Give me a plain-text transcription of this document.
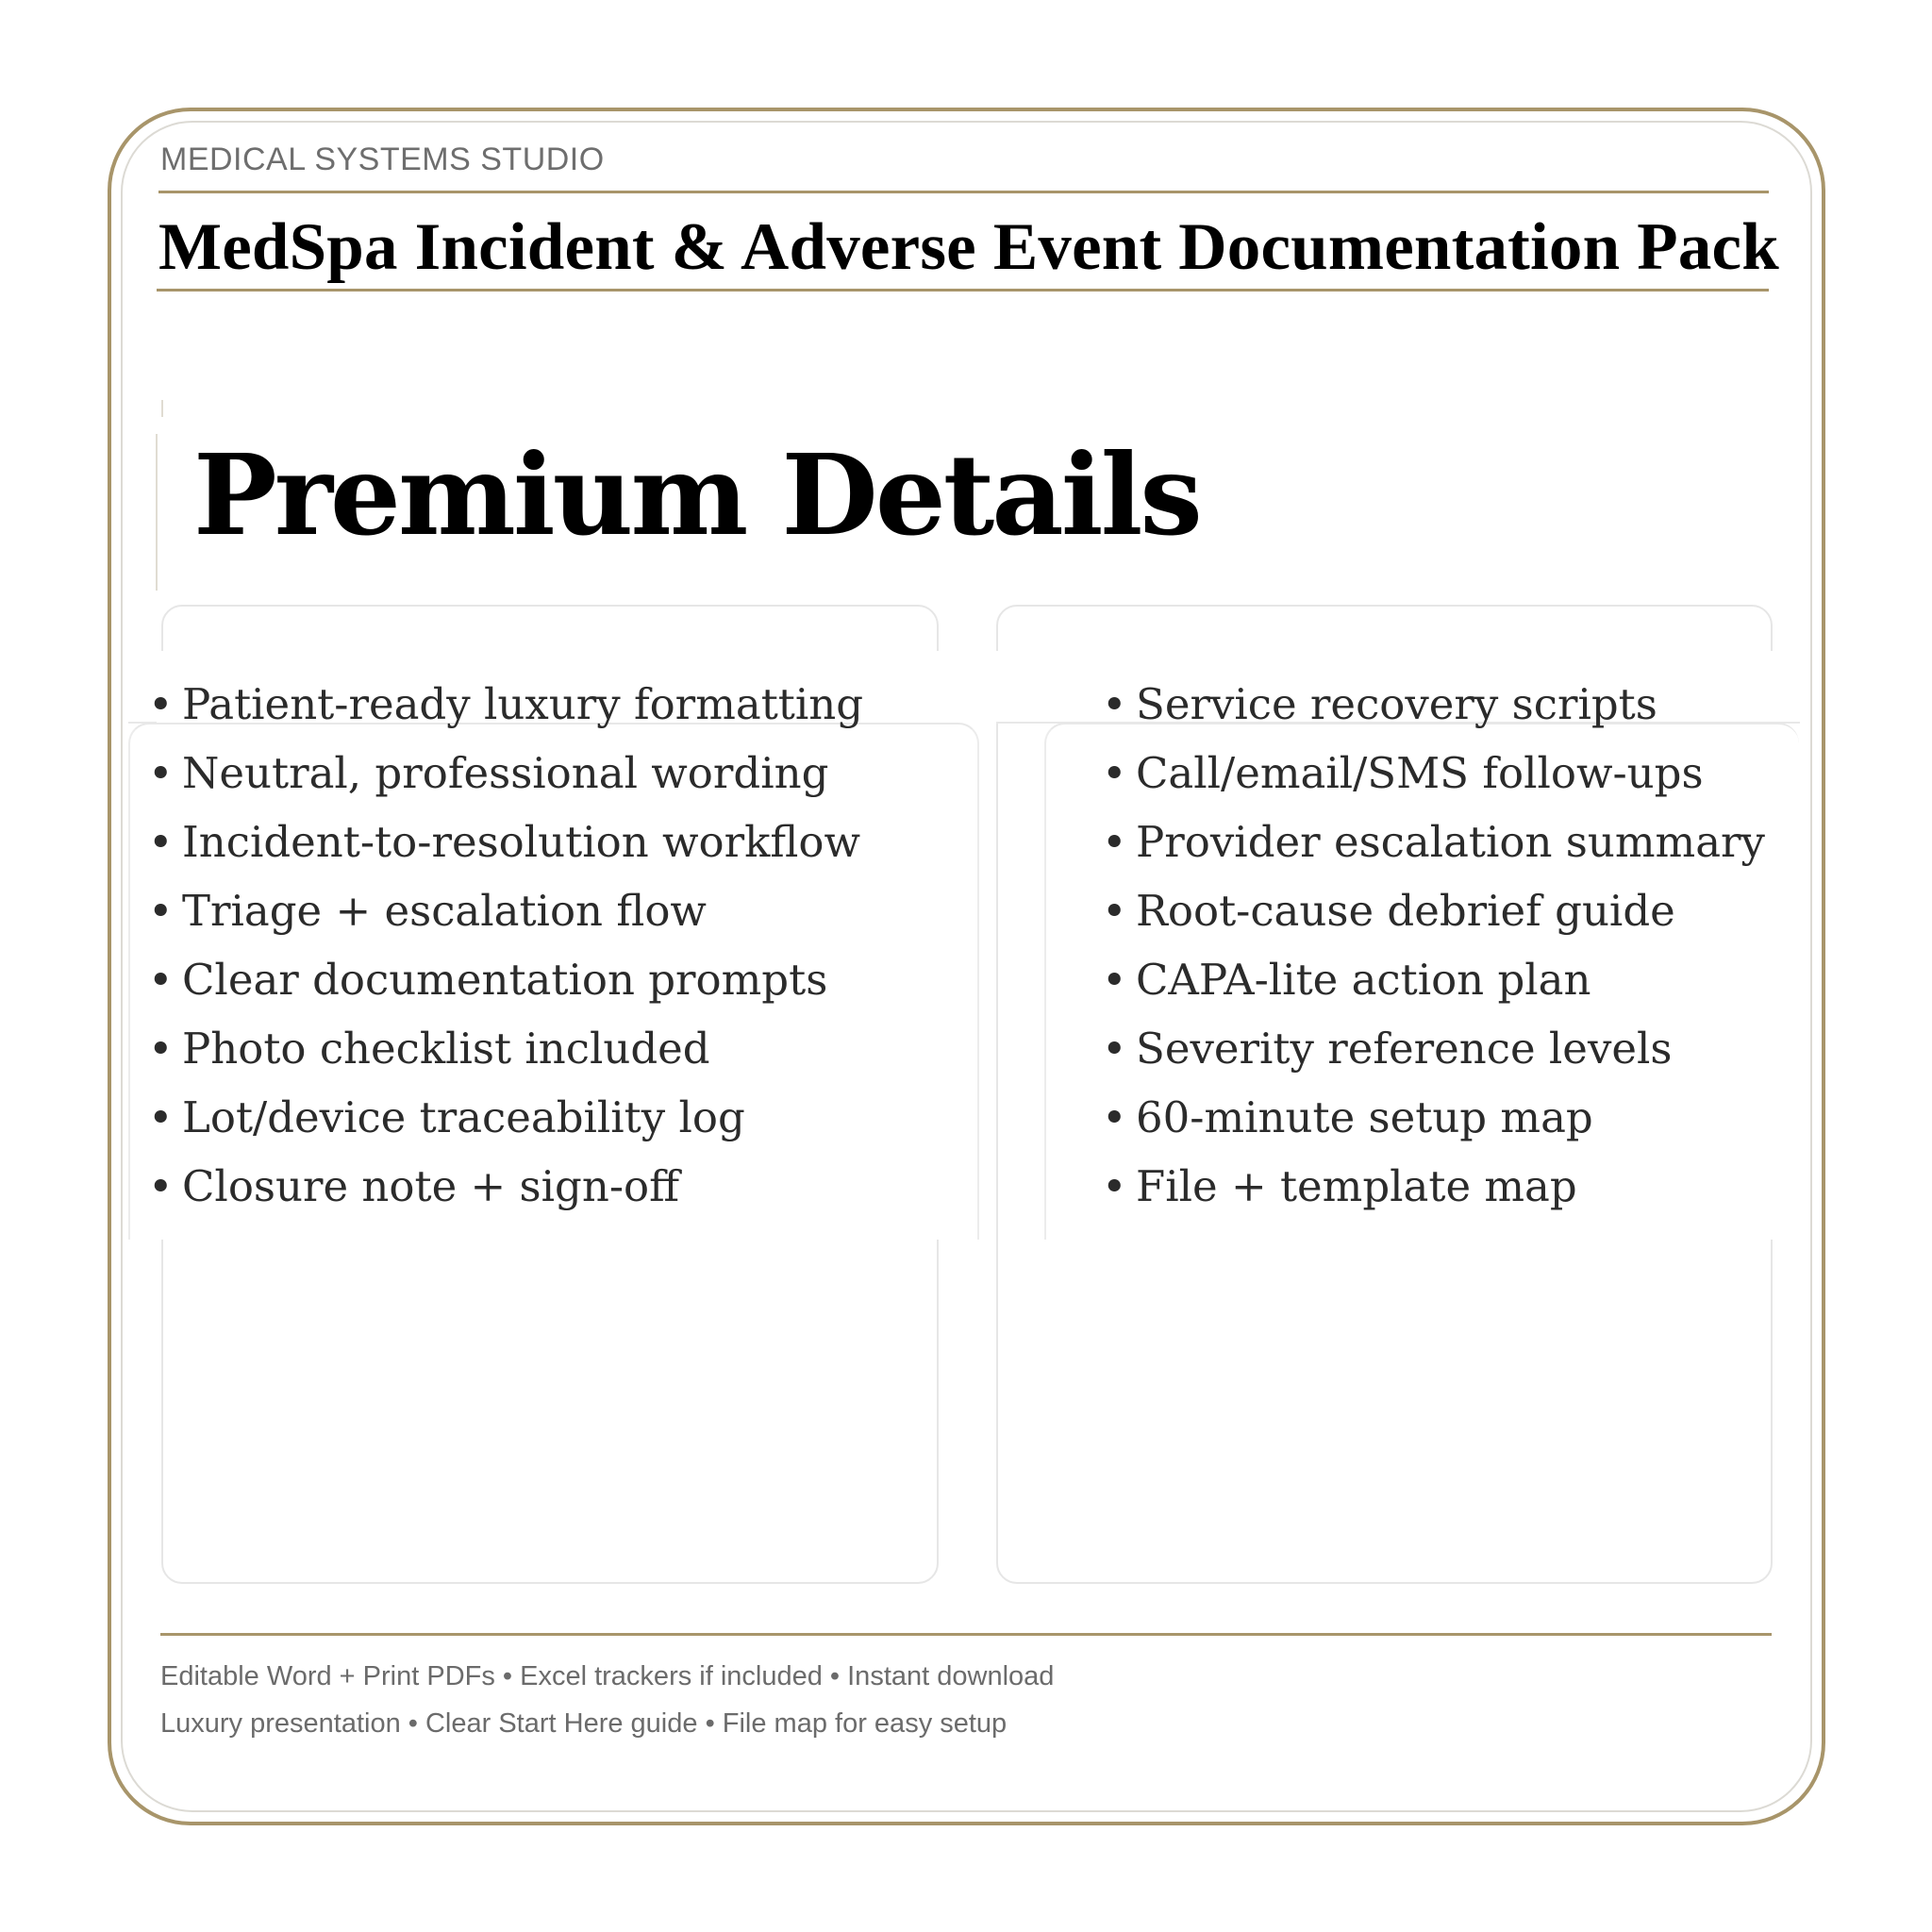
MEDICAL SYSTEMS STUDIO
MedSpa Incident & Adverse Event Documentation Pack
Premium Details
• Patient-ready luxury formatting
• Neutral, professional wording
• Incident-to-resolution workflow
• Triage + escalation flow
• Clear documentation prompts
• Photo checklist included
• Lot/device traceability log
• Closure note + sign-off
• Service recovery scripts
• Call/email/SMS follow-ups
• Provider escalation summary
• Root-cause debrief guide
• CAPA-lite action plan
• Severity reference levels
• 60-minute setup map
• File + template map
Editable Word + Print PDFs • Excel trackers if included • Instant download
Luxury presentation • Clear Start Here guide • File map for easy setup
